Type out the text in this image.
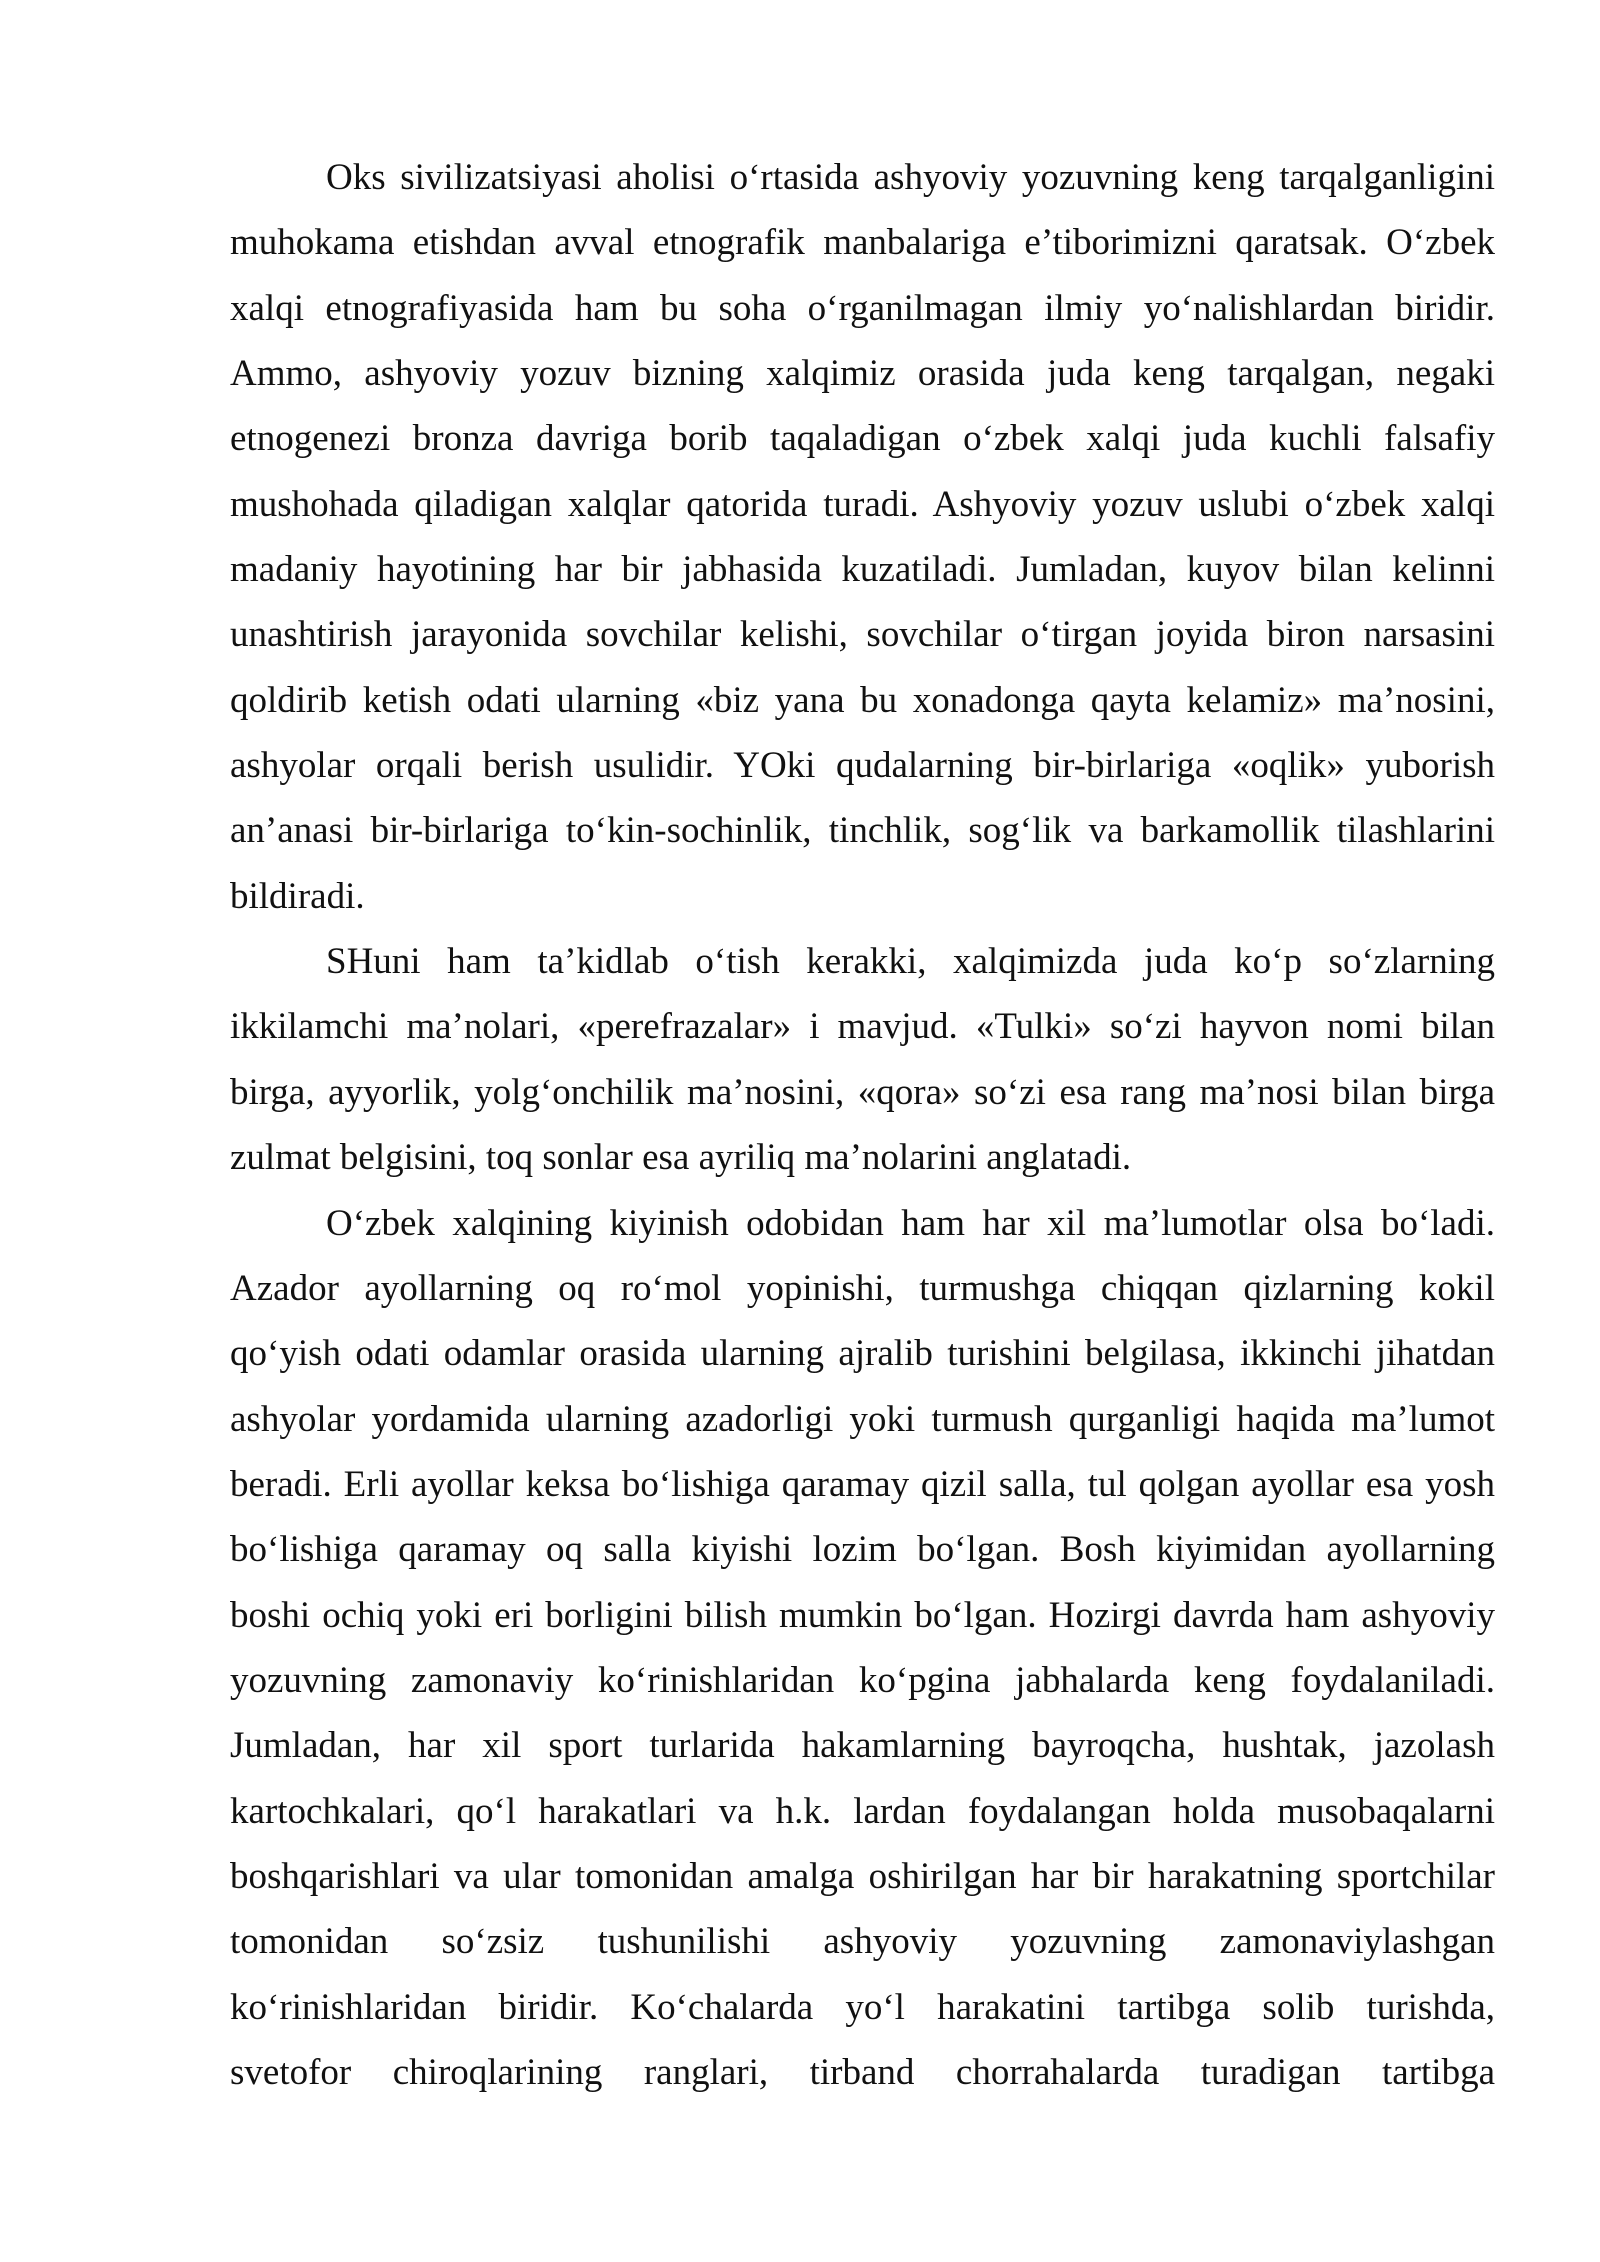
Oks sivilizatsiyasi aholisi o‘rtasida ashyoviy yozuvning keng tarqalganligini
muhokama etishdan avval etnografik manbalariga e’tiborimizni qaratsak. O‘zbek
xalqi etnografiyasida ham bu soha o‘rganilmagan ilmiy yo‘nalishlardan biridir.
Ammo, ashyoviy yozuv bizning xalqimiz orasida juda keng tarqalgan, negaki
etnogenezi bronza davriga borib taqaladigan o‘zbek xalqi juda kuchli falsafiy
mushohada qiladigan xalqlar qatorida turadi. Ashyoviy yozuv uslubi o‘zbek xalqi
madaniy hayotining har bir jabhasida kuzatiladi. Jumladan, kuyov bilan kelinni
unashtirish jarayonida sovchilar kelishi, sovchilar o‘tirgan joyida biron narsasini
qoldirib ketish odati ularning «biz yana bu xonadonga qayta kelamiz» ma’nosini,
ashyolar orqali berish usulidir. YOki qudalarning bir-birlariga «oqlik» yuborish
an’anasi bir-birlariga to‘kin-sochinlik, tinchlik, sog‘lik va barkamollik tilashlarini
bildiradi.
SHuni ham ta’kidlab o‘tish kerakki, xalqimizda juda ko‘p so‘zlarning
ikkilamchi ma’nolari, «perefrazalar» i mavjud. «Tulki» so‘zi hayvon nomi bilan
birga, ayyorlik, yolg‘onchilik ma’nosini, «qora» so‘zi esa rang ma’nosi bilan birga
zulmat belgisini, toq sonlar esa ayriliq ma’nolarini anglatadi.
O‘zbek xalqining kiyinish odobidan ham har xil ma’lumotlar olsa bo‘ladi.
Azador ayollarning oq ro‘mol yopinishi, turmushga chiqqan qizlarning kokil
qo‘yish odati odamlar orasida ularning ajralib turishini belgilasa, ikkinchi jihatdan
ashyolar yordamida ularning azadorligi yoki turmush qurganligi haqida ma’lumot
beradi. Erli ayollar keksa bo‘lishiga qaramay qizil salla, tul qolgan ayollar esa yosh
bo‘lishiga qaramay oq salla kiyishi lozim bo‘lgan. Bosh kiyimidan ayollarning
boshi ochiq yoki eri borligini bilish mumkin bo‘lgan. Hozirgi davrda ham ashyoviy
yozuvning zamonaviy ko‘rinishlaridan ko‘pgina jabhalarda keng foydalaniladi.
Jumladan, har xil sport turlarida hakamlarning bayroqcha, hushtak, jazolash
kartochkalari, qo‘l harakatlari va h.k. lardan foydalangan holda musobaqalarni
boshqarishlari va ular tomonidan amalga oshirilgan har bir harakatning sportchilar
tomonidan so‘zsiz tushunilishi ashyoviy yozuvning zamonaviylashgan
ko‘rinishlaridan biridir. Ko‘chalarda yo‘l harakatini tartibga solib turishda,
svetofor chiroqlarining ranglari, tirband chorrahalarda turadigan tartibga
